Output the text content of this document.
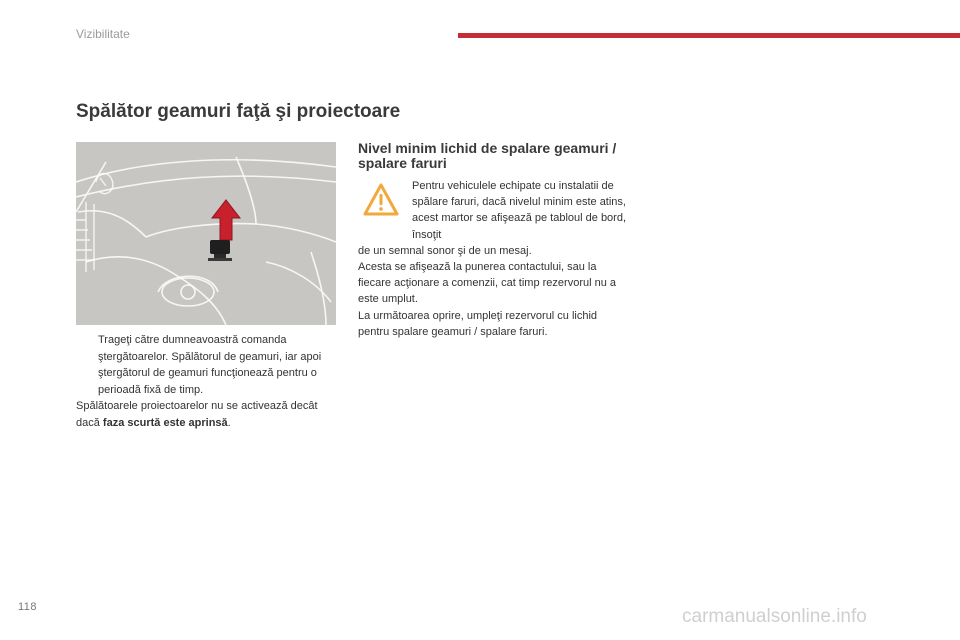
Vizibilitate
Spălător geamuri faţă şi proiectoare
Trageţi către dumneavoastră comanda ştergătoarelor. Spălătorul de geamuri, iar apoi ştergătorul de geamuri funcţionează pentru o perioadă fixă de timp.

Spălătoarele proiectoarelor nu se activează decât dacă faza scurtă este aprinsă.

Nivel minim lichid de spalare geamuri / spalare faruri
Pentru vehiculele echipate cu instalatii de spălare faruri, dacă nivelul minim este atins, acest martor se afişează pe tabloul de bord, însoţit

de un semnal sonor şi de un mesaj.

Acesta se afişează la punerea contactului, sau la fiecare acţionare a comenzii, cat timp rezervorul nu a este umplut.

La următoarea oprire, umpleţi rezervorul cu lichid pentru spalare geamuri / spalare faruri.

118	carmanualsonline.info
